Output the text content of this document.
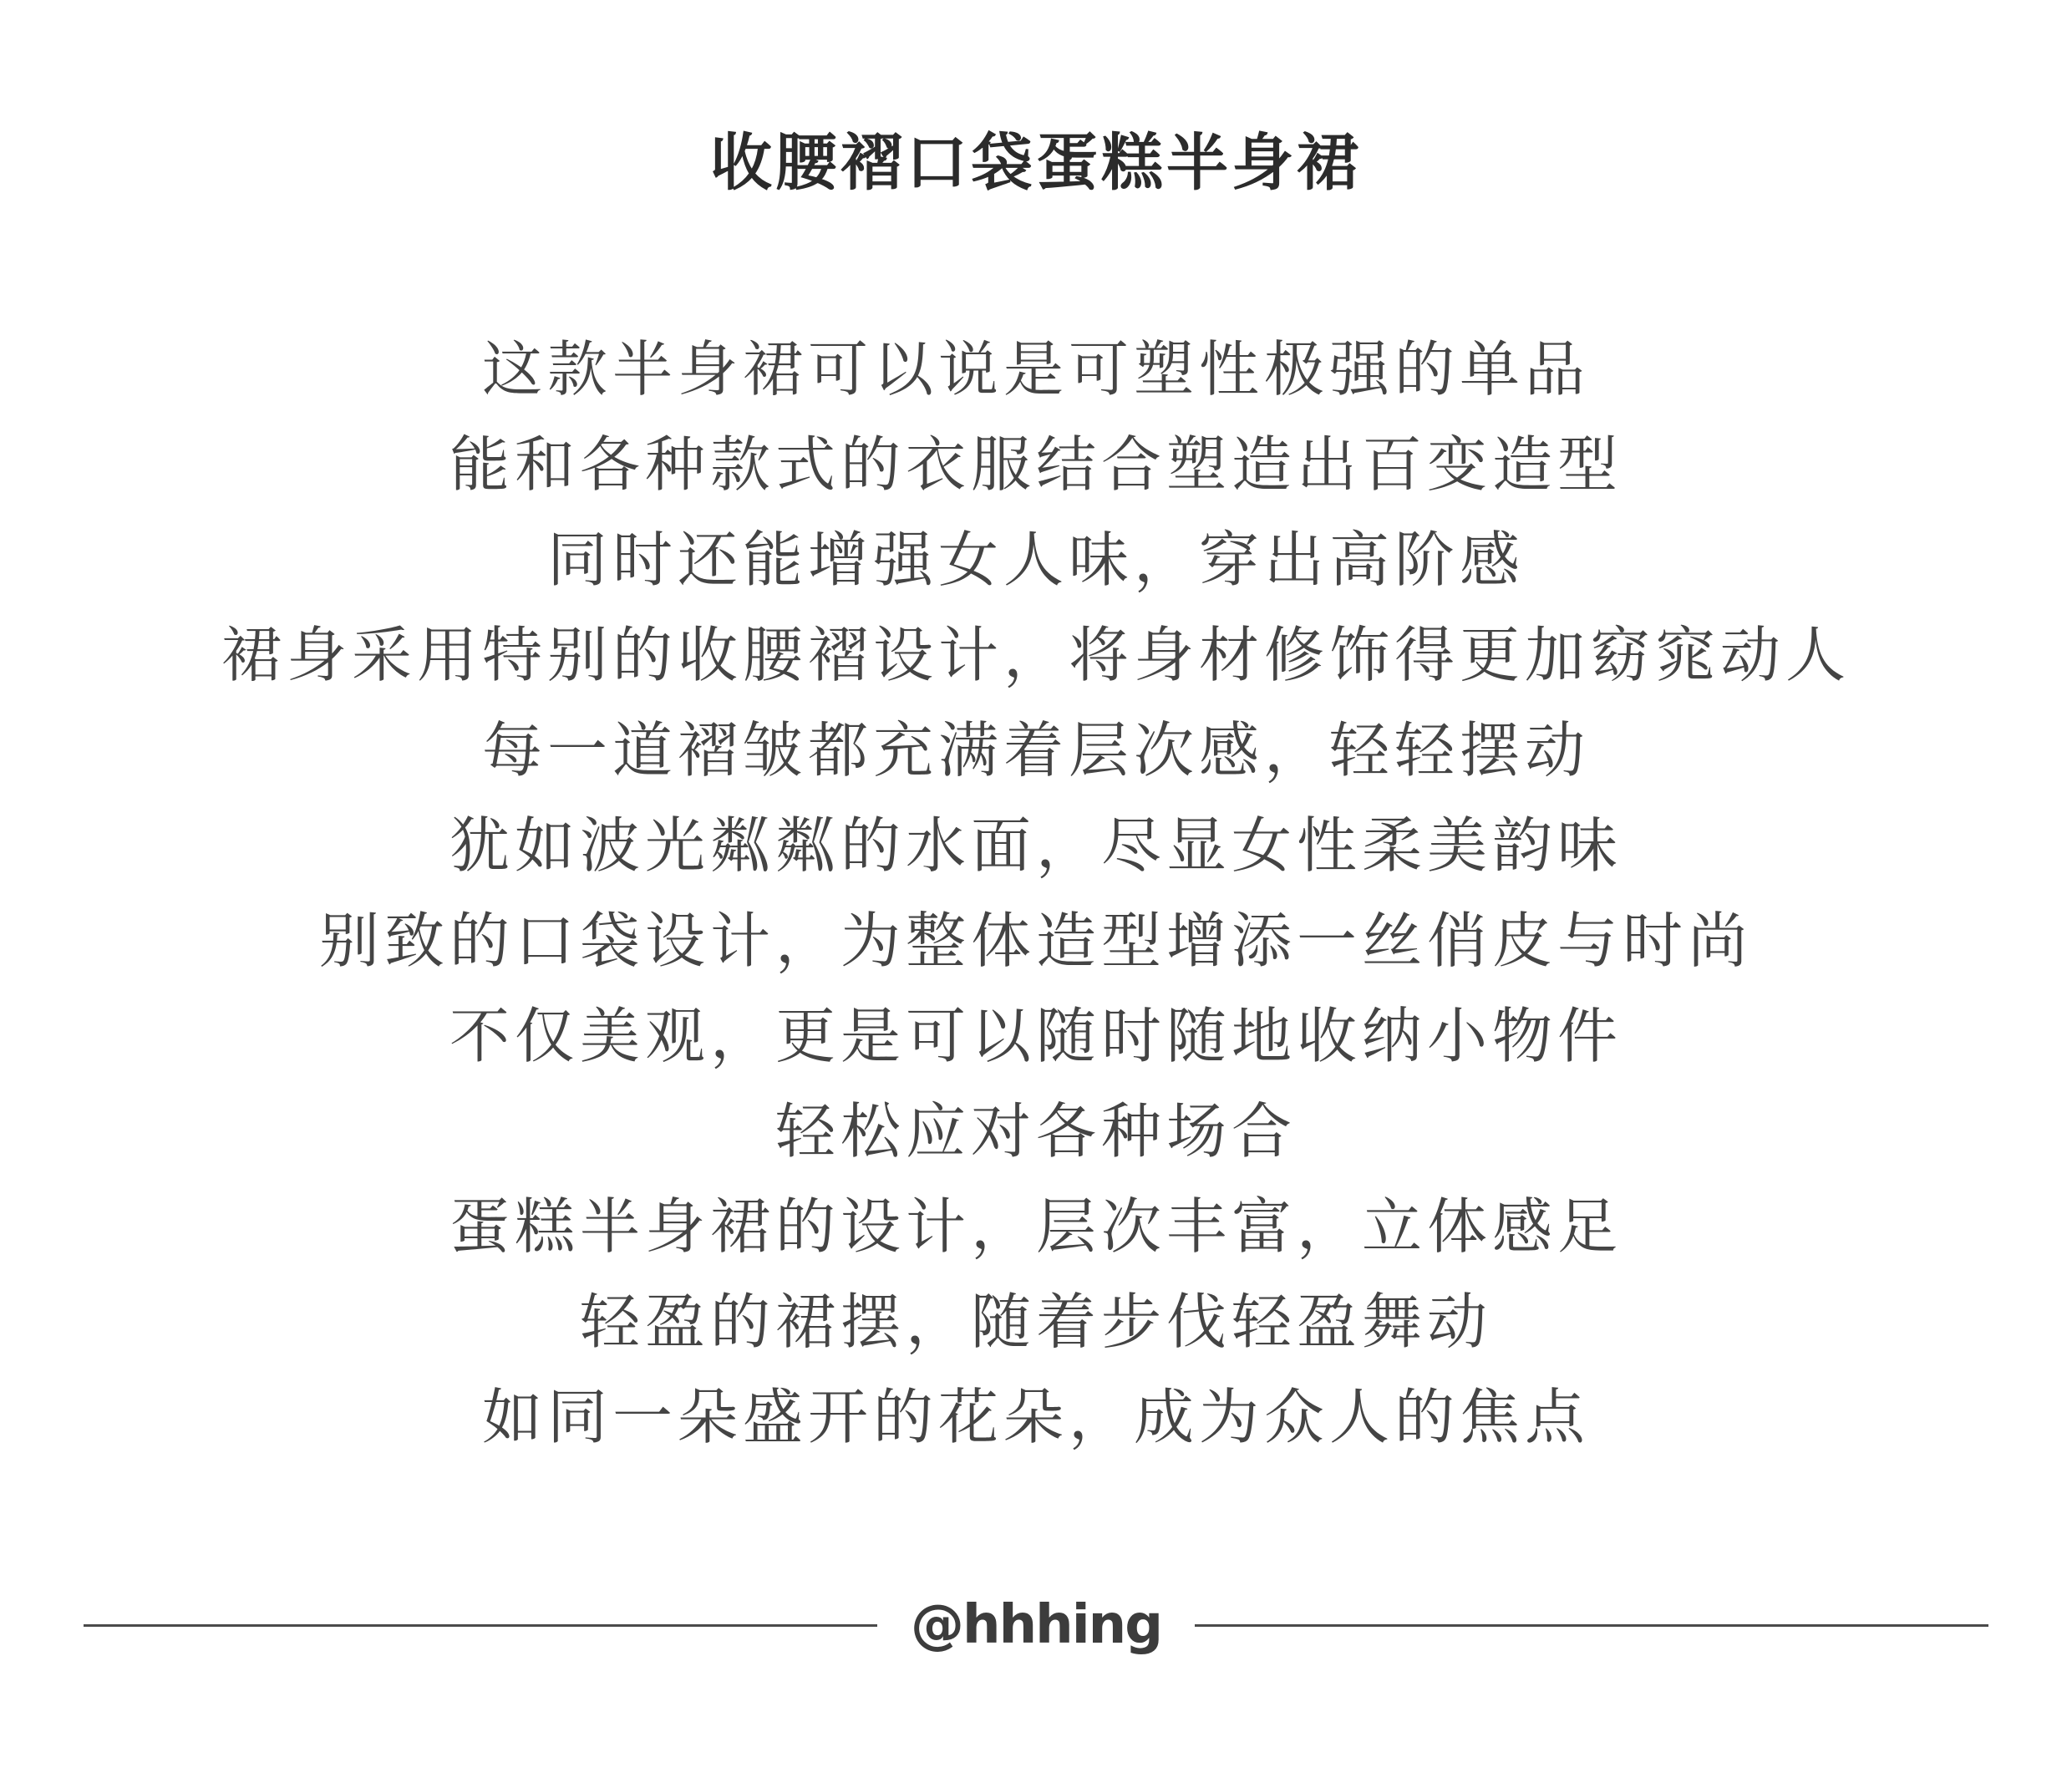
收腰褶口袋蛋糕半身裙
这款半身裙可以说是可塑性极强的单品
能和各种款式的衣服结合塑造出百变造型
同时还能增强女人味，穿出高阶感
裙身采用特别的收腰褶设计，将身材修饰得更加窈窕动人
每一道褶皱都充满着层次感，轻轻摆动
犹如波光粼粼的水面，尽显女性柔美韵味
别致的口袋设计，为整体造型增添一丝俏皮与时尚
不仅美观，更是可以随时随地收纳小物件
轻松应对各种场合
蛋糕半身裙的设计，层次丰富，立体感足
轻盈的裙摆，随着步伐轻盈舞动
如同一朵盛开的花朵，成为众人的焦点
@hhhing
